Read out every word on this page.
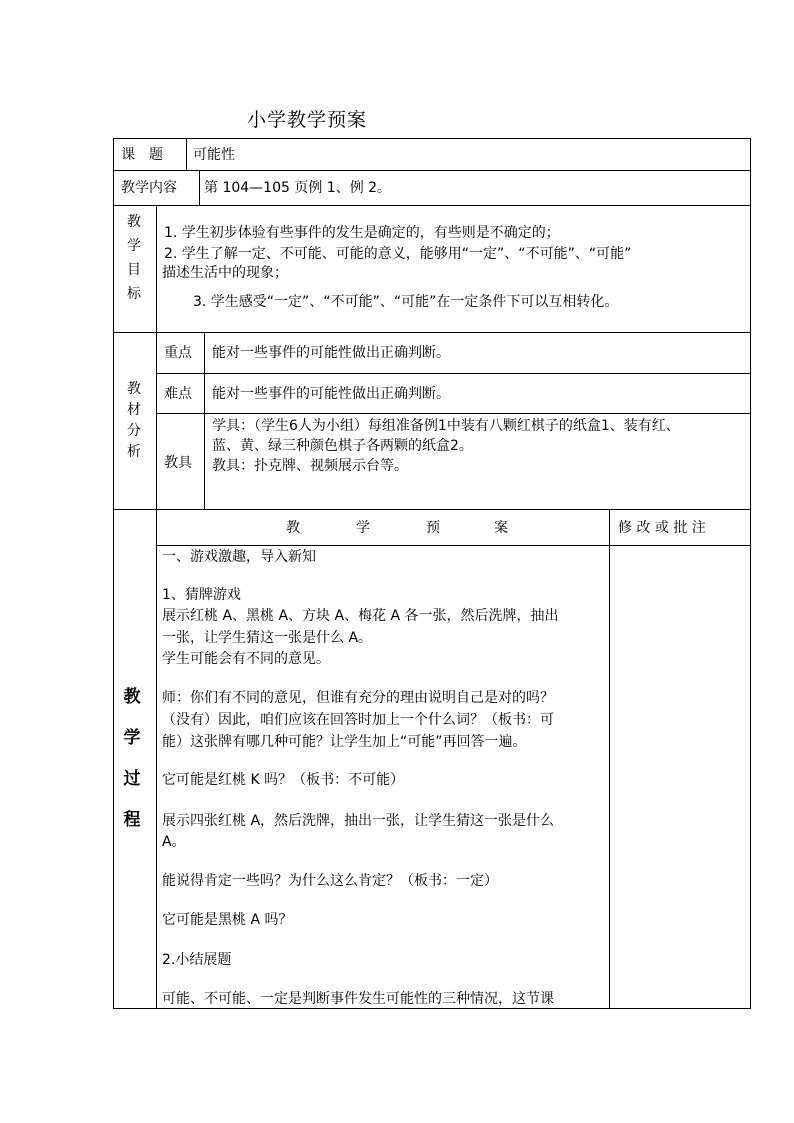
小学教学预案
课　题 可能性
教学内容 第 104—105 页例 1、例 2。
教
学
目
标
1. 学生初步体验有些事件的发生是确定的，有些则是不确定的；
2. 学生了解一定、不可能、可能的意义，能够用“一定”、“不可能”、“可能”
描述生活中的现象；
3. 学生感受“一定”、“不可能”、“可能”在一定条件下可以互相转化。
教
材
分
析
重点 能对一些事件的可能性做出正确判断。
难点 能对一些事件的可能性做出正确判断。
教具
学具：（学生6人为小组）每组准备例1中装有八颗红棋子的纸盒1、装有红、
蓝、黄、绿三种颜色棋子各两颗的纸盒2。
教具：扑克牌、视频展示台等。
教
学
过
程
教	学	预	案	修 改 或 批 注
一、游戏激趣，导入新知
1、猜牌游戏
展示红桃 A、黑桃 A、方块 A、梅花 A 各一张，然后洗牌，抽出
一张，让学生猜这一张是什么 A。
学生可能会有不同的意见。
师：你们有不同的意见，但谁有充分的理由说明自己是对的吗？
（没有）因此，咱们应该在回答时加上一个什么词？（板书：可
能）这张牌有哪几种可能？让学生加上“可能”再回答一遍。
它可能是红桃 K 吗？（板书：不可能）
展示四张红桃 A，然后洗牌，抽出一张，让学生猜这一张是什么
A。
能说得肯定一些吗？为什么这么肯定？（板书：一定）
它可能是黑桃 A 吗？
2.小结展题
可能、不可能、一定是判断事件发生可能性的三种情况，这节课
